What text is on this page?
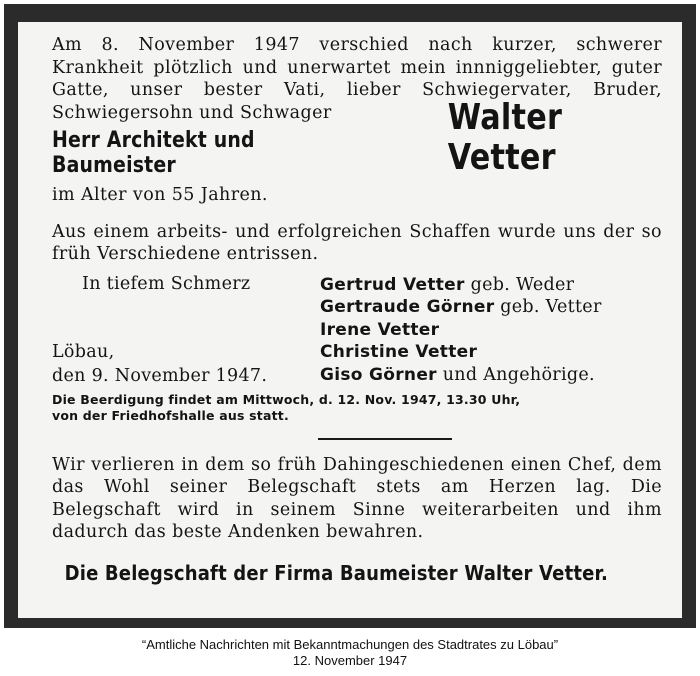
Am 8. November 1947 verschied nach kurzer, schwerer Krankheit plötzlich und unerwartet mein innniggeliebter, guter Gatte, unser bester Vati, lieber Schwiegervater, Bruder, Schwiegersohn und Schwager

Herr Architekt und Baumeister
Walter Vetter

im Alter von 55 Jahren.

Aus einem arbeits- und erfolgreichen Schaffen wurde uns der so früh Verschiedene entrissen.

In tiefem Schmerz
Löbau,
den 9. November 1947.
Gertrud Vetter geb. Weder
Gertraude Görner geb. Vetter
Irene Vetter
Christine Vetter
Giso Görner und Angehörige.
Die Beerdigung findet am Mittwoch, d. 12. Nov. 1947, 13.30 Uhr,
von der Friedhofshalle aus statt.

Wir verlieren in dem so früh Dahingeschiedenen einen Chef, dem das Wohl seiner Belegschaft stets am Herzen lag. Die Belegschaft wird in seinem Sinne weiterarbeiten und ihm dadurch das beste Andenken bewahren.

Die Belegschaft der Firma Baumeister Walter Vetter.
“Amtliche Nachrichten mit Bekanntmachungen des Stadtrates zu Löbau”
12. November 1947
